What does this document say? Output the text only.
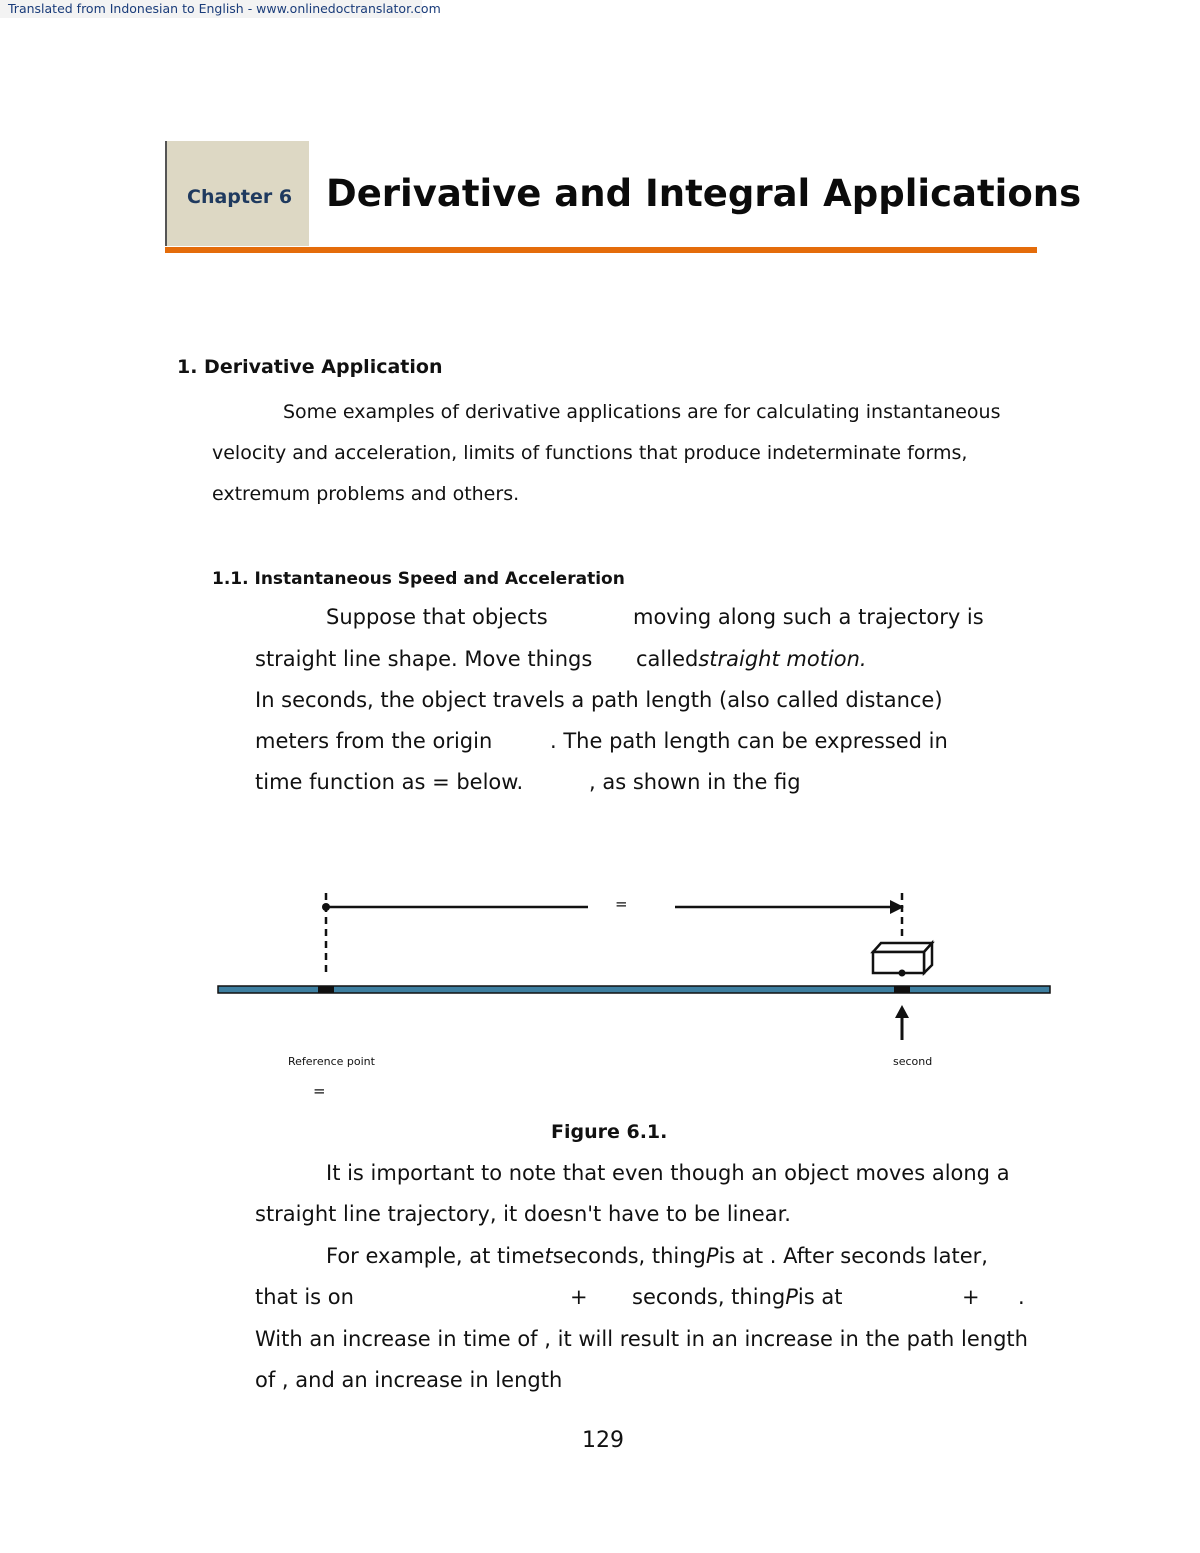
Translated from Indonesian to English - www.onlinedoctranslator.com
Chapter 6 Derivative and Integral Applications
1. Derivative Application
Some examples of derivative applications are for calculating instantaneous
velocity and acceleration, limits of functions that produce indeterminate forms,
extremum problems and others.
1.1. Instantaneous Speed and Acceleration
Suppose that objects	moving along such a trajectory is
straight line shape. Move things calledstraight motion.
In seconds, the object travels a path length (also called distance)
meters from the origin	. The path length can be expressed in
time function as = below.	, as shown in the fig
=
Reference point	second
=
Figure 6.1.
It is important to note that even though an object moves along a
straight line trajectory, it doesn't have to be linear.
For example, at timetseconds, thingPis at . After seconds later,
that is on	+ seconds, thingPis at	+ .
With an increase in time of , it will result in an increase in the path length
of , and an increase in length
129
